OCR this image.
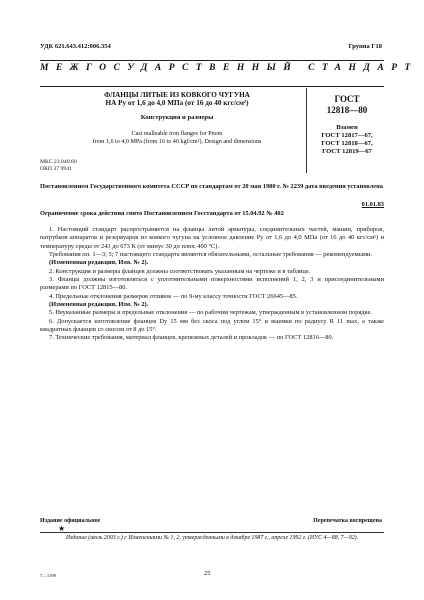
УДК 621.643.412:006.354	Группа Г18
МЕЖГОСУДАРСТВЕННЫЙ СТАНДАРТ
ФЛАНЦЫ ЛИТЫЕ ИЗ КОВКОГО ЧУГУНА
НА Pу от 1,6 до 4,0 МПа (от 16 до 40 кгс/см²)
Конструкция и размеры
Cast malleable iron flanges for Pnom
from 1,6 to 4,0 MPa (from 16 to 40 kgf/cm²). Design and dimensions
ГОСТ
12818—80
Взамен
ГОСТ 12817—67,
ГОСТ 12818—67,
ГОСТ 12819—67
МКС 23.040.60
ОКП 37 9941
Постановлением Государственного комитета СССР по стандартам от 20 мая 1980 г. № 2239 дата введения установлена
01.01.83
Ограничение срока действия снято Постановлением Госстандарта от 15.04.92 № 402

1. Настоящий стандарт распространяется на фланцы литой арматуры, соединительных частей, машин, приборов, патрубков аппаратов и резервуаров из ковкого чугуна на условное давление Pу от 1,6 до 4,0 МПа (от 16 до 40 кгс/см²) и температуру среды от 243 до 673 К (от минус 30 до плюс 400 °С).

Требования пп. 1—3; 5; 7 настоящего стандарта являются обязательными, остальные требования — рекомендуемыми.

(Измененная редакция, Изм. № 2).

2. Конструкция и размеры фланцев должны соответствовать указанным на чертеже и в таблице.

3. Фланцы должны изготовляться с уплотнительными поверхностями исполнений 1, 2, 3 и присоединительными размерами по ГОСТ 12815—80.

4. Предельные отклонения размеров отливок — по 9-му классу точности ГОСТ 26645—85.

(Измененная редакция, Изм. № 2).

5. Неуказанные размеры и предельные отклонения — по рабочим чертежам, утвержденным в установленном порядке.

6. Допускается изготовление фланцев Dу 15 мм без скоса под углом 15° и выемки по радиусу R 11 max, а также квадратных фланцев со скосом от 8 до 15°.

7. Технические требования, материал фланцев, крепежных деталей и прокладок — по ГОСТ 12816—80.

Издание официальное	Перепечатка воспрещена
★
Издание (июль 2003 г.) с Изменениями № 1, 2, утвержденными в декабре 1987 г., апреле 1992 г. (ИУС 4—88, 7—92).
7—1198	25
